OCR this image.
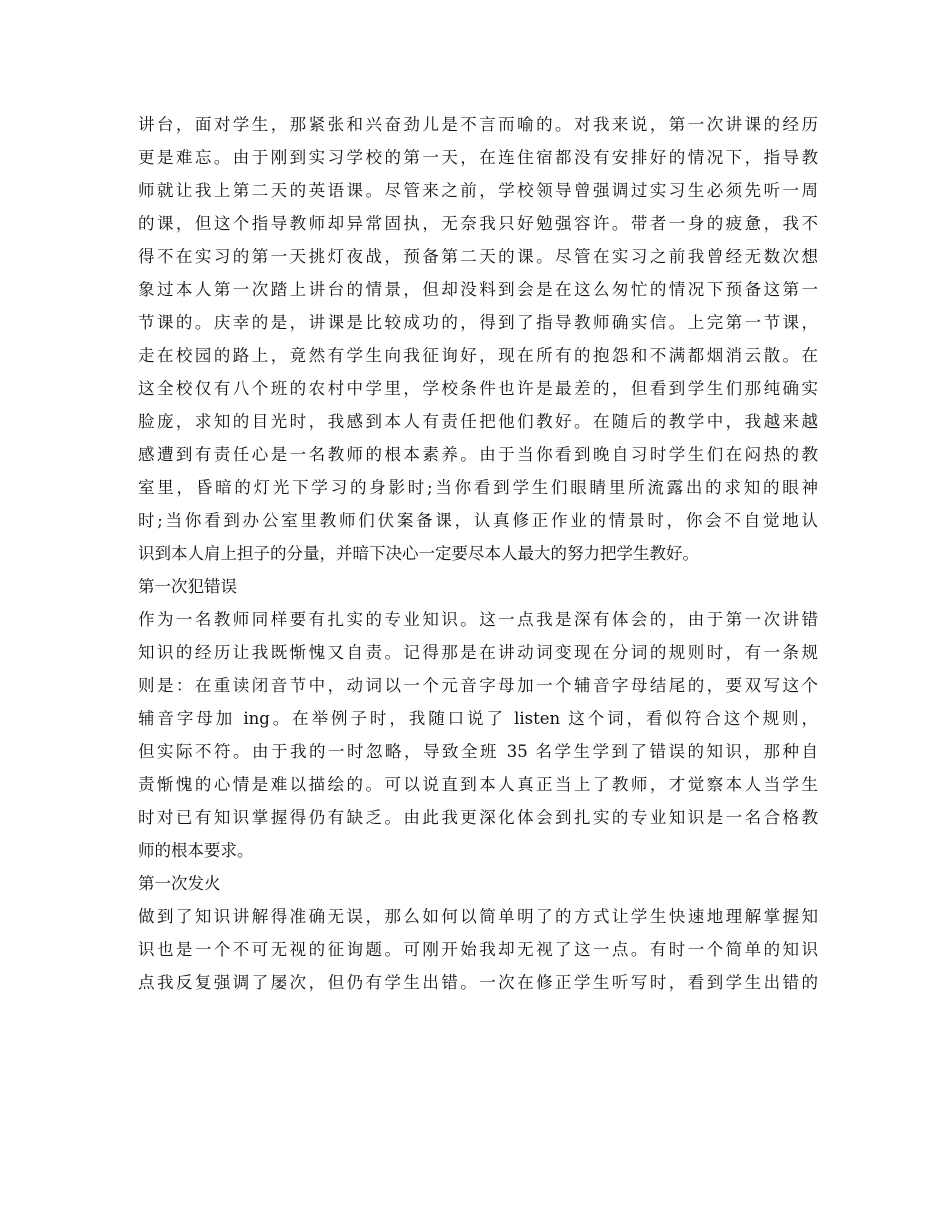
讲台，面对学生，那紧张和兴奋劲儿是不言而喻的。对我来说，第一次讲课的经历
更是难忘。由于刚到实习学校的第一天，在连住宿都没有安排好的情况下，指导教
师就让我上第二天的英语课。尽管来之前，学校领导曾强调过实习生必须先听一周
的课，但这个指导教师却异常固执，无奈我只好勉强容许。带者一身的疲惫，我不
得不在实习的第一天挑灯夜战，预备第二天的课。尽管在实习之前我曾经无数次想
象过本人第一次踏上讲台的情景，但却没料到会是在这么匆忙的情况下预备这第一
节课的。庆幸的是，讲课是比较成功的，得到了指导教师确实信。上完第一节课，
走在校园的路上，竟然有学生向我征询好，现在所有的抱怨和不满都烟消云散。在
这全校仅有八个班的农村中学里，学校条件也许是最差的，但看到学生们那纯确实
脸庞，求知的目光时，我感到本人有责任把他们教好。在随后的教学中，我越来越
感遭到有责任心是一名教师的根本素养。由于当你看到晚自习时学生们在闷热的教
室里，昏暗的灯光下学习的身影时;当你看到学生们眼睛里所流露出的求知的眼神
时;当你看到办公室里教师们伏案备课，认真修正作业的情景时，你会不自觉地认
识到本人肩上担子的分量，并暗下决心一定要尽本人最大的努力把学生教好。
第一次犯错误
作为一名教师同样要有扎实的专业知识。这一点我是深有体会的，由于第一次讲错
知识的经历让我既惭愧又自责。记得那是在讲动词变现在分词的规则时，有一条规
则是：在重读闭音节中，动词以一个元音字母加一个辅音字母结尾的，要双写这个
辅音字母加 ing。在举例子时，我随口说了 listen 这个词，看似符合这个规则，
但实际不符。由于我的一时忽略，导致全班 35 名学生学到了错误的知识，那种自
责惭愧的心情是难以描绘的。可以说直到本人真正当上了教师，才觉察本人当学生
时对已有知识掌握得仍有缺乏。由此我更深化体会到扎实的专业知识是一名合格教
师的根本要求。
第一次发火
做到了知识讲解得准确无误，那么如何以简单明了的方式让学生快速地理解掌握知
识也是一个不可无视的征询题。可刚开始我却无视了这一点。有时一个简单的知识
点我反复强调了屡次，但仍有学生出错。一次在修正学生听写时，看到学生出错的
